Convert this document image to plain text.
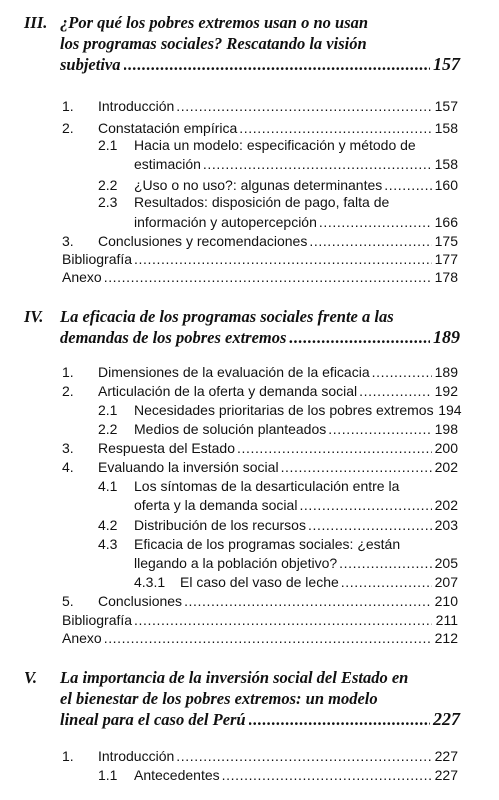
III. ¿Por qué los pobres extremos usan o no usan
los programas sociales? Rescatando la visión
subjetiva .....	157
1.	Introducción .....	157
2.	Constatación empírica .....	158
2.1 Hacia un modelo: especificación y método de
estimación .....	158
2.2	¿Uso o no uso?: algunas determinantes .....	160
2.3 Resultados: disposición de pago, falta de
información y autopercepción .....	166
3.	Conclusiones y recomendaciones .....	175
Bibliografía .....	177
Anexo .....	178
IV.	La eficacia de los programas sociales frente a las
demandas de los pobres extremos .....	189
1.	Dimensiones de la evaluación de la eficacia .....	189
2.	Articulación de la oferta y demanda social .....	192
2.1	Necesidades prioritarias de los pobres extremos 194
2.2	Medios de solución planteados .....	198
3.	Respuesta del Estado .....	200
4.	Evaluando la inversión social .....	202
4.1 Los síntomas de la desarticulación entre la
oferta y la demanda social .....	202
4.2	Distribución de los recursos .....	203
4.3 Eficacia de los programas sociales: ¿están
llegando a la población objetivo? .....	205
4.3.1	El caso del vaso de leche .....	207
5.	Conclusiones .....	210
Bibliografía .....	211
Anexo .....	212
V.	La importancia de la inversión social del Estado en
el bienestar de los pobres extremos: un modelo
lineal para el caso del Perú .....	227
1.	Introducción .....	227
1.1	Antecedentes .....	227
